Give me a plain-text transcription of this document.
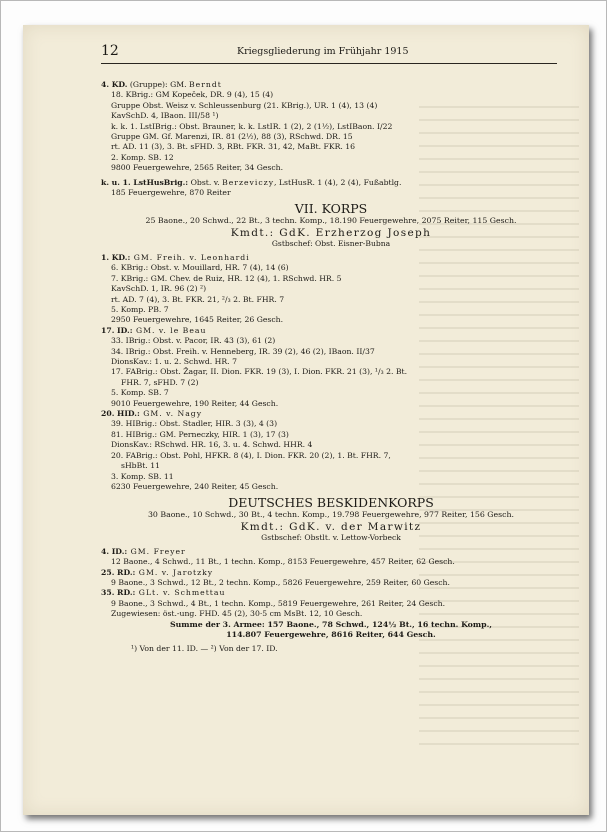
12	Kriegsgliederung im Frühjahr 1915
4. KD. (Gruppe): GM. Berndt
18. KBrig.: GM Kopeček, DR. 9 (4), 15 (4)
Gruppe Obst. Weisz v. Schleussenburg (21. KBrig.), UR. 1 (4), 13 (4)
KavSchD. 4, IBaon. III/58 ¹)
k. k. 1. LstIBrig.: Obst. Brauner, k. k. LstIR. 1 (2), 2 (1½), LstIBaon. I/22
Gruppe GM. Gf. Marenzi, IR. 81 (2½), 88 (3), RSchwd. DR. 15
rt. AD. 11 (3), 3. Bt. sFHD. 3, RBt. FKR. 31, 42, MaBt. FKR. 16
2. Komp. SB. 12
9800 Feuergewehre, 2565 Reiter, 34 Gesch.
k. u. 1. LstHusBrig.: Obst. v. Berzeviczy, LstHusR. 1 (4), 2 (4), Fußabtlg.
185 Feuergewehre, 870 Reiter
VII. KORPS
25 Baone., 20 Schwd., 22 Bt., 3 techn. Komp., 18.190 Feuergewehre, 2075 Reiter, 115 Gesch.
Kmdt.: GdK. Erzherzog Joseph
Gstbschef: Obst. Eisner-Bubna
1. KD.: GM. Freih. v. Leonhardi
6. KBrig.: Obst. v. Mouillard, HR. 7 (4), 14 (6)
7. KBrig.: GM. Chev. de Ruiz, HR. 12 (4), 1. RSchwd. HR. 5
KavSchD. 1, IR. 96 (2) ²)
rt. AD. 7 (4), 3. Bt. FKR. 21, ²/₃ 2. Bt. FHR. 7
5. Komp. PB. 7
2950 Feuergewehre, 1645 Reiter, 26 Gesch.
17. ID.: GM. v. le Beau
33. IBrig.: Obst. v. Pacor, IR. 43 (3), 61 (2)
34. IBrig.: Obst. Freih. v. Henneberg, IR. 39 (2), 46 (2), IBaon. II/37
DionsKav.: 1. u. 2. Schwd. HR. 7
17. FABrig.: Obst. Žagar, II. Dion. FKR. 19 (3), I. Dion. FKR. 21 (3), ¹/₃ 2. Bt.
FHR. 7, sFHD. 7 (2)
5. Komp. SB. 7
9010 Feuergewehre, 190 Reiter, 44 Gesch.
20. HID.: GM. v. Nagy
39. HIBrig.: Obst. Stadler, HIR. 3 (3), 4 (3)
81. HIBrig.: GM. Perneczky, HIR. 1 (3), 17 (3)
DionsKav.: RSchwd. HR. 16, 3. u. 4. Schwd. HHR. 4
20. FABrig.: Obst. Pohl, HFKR. 8 (4), I. Dion. FKR. 20 (2), 1. Bt. FHR. 7,
sHbBt. 11
3. Komp. SB. 11
6230 Feuergewehre, 240 Reiter, 45 Gesch.
DEUTSCHES BESKIDENKORPS
30 Baone., 10 Schwd., 30 Bt., 4 techn. Komp., 19.798 Feuergewehre, 977 Reiter, 156 Gesch.
Kmdt.: GdK. v. der Marwitz
Gstbschef: Obstlt. v. Lettow-Vorbeck
4. ID.: GM. Freyer
12 Baone., 4 Schwd., 11 Bt., 1 techn. Komp., 8153 Feuergewehre, 457 Reiter, 62 Gesch.
25. RD.: GM. v. Jarotzky
9 Baone., 3 Schwd., 12 Bt., 2 techn. Komp., 5826 Feuergewehre, 259 Reiter, 60 Gesch.
35. RD.: GLt. v. Schmettau
9 Baone., 3 Schwd., 4 Bt., 1 techn. Komp., 5819 Feuergewehre, 261 Reiter, 24 Gesch.
Zugewiesen: öst.-ung. FHD. 45 (2), 30·5 cm MsBt. 12, 10 Gesch.
Summe der 3. Armee: 157 Baone., 78 Schwd., 124½ Bt., 16 techn. Komp.,
114.807 Feuergewehre, 8616 Reiter, 644 Gesch.
¹) Von der 11. ID. — ²) Von der 17. ID.
